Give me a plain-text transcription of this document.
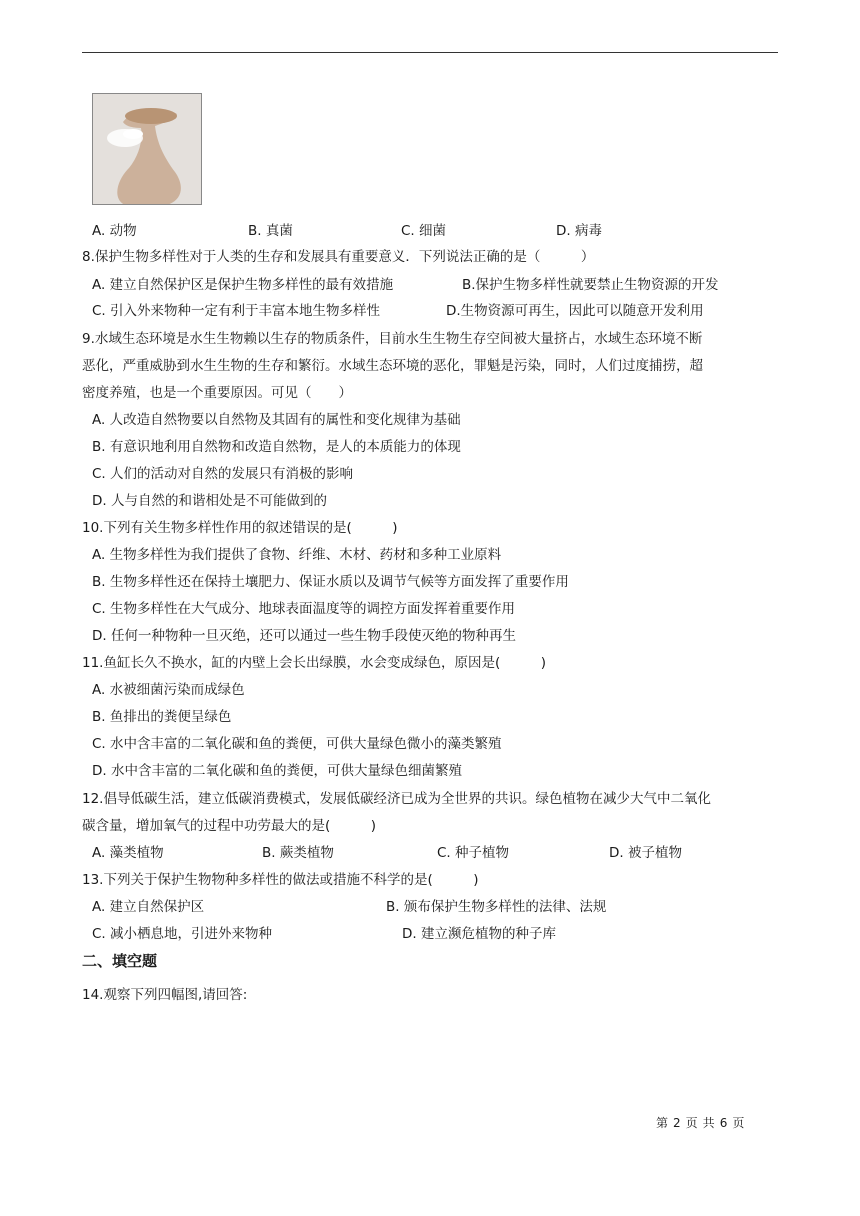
A. 动物	B. 真菌	C. 细菌	D. 病毒
8.保护生物多样性对于人类的生存和发展具有重要意义．下列说法正确的是（　　　）
A. 建立自然保护区是保护生物多样性的最有效措施	B.保护生物多样性就要禁止生物资源的开发
C. 引入外来物种一定有利于丰富本地生物多样性	D.生物资源可再生，因此可以随意开发利用
9.水域生态环境是水生生物赖以生存的物质条件，目前水生生物生存空间被大量挤占，水域生态环境不断
恶化，严重威胁到水生生物的生存和繁衍。水域生态环境的恶化，罪魁是污染，同时，人们过度捕捞，超
密度养殖，也是一个重要原因。可见（　　）
A. 人改造自然物要以自然物及其固有的属性和变化规律为基础
B. 有意识地利用自然物和改造自然物，是人的本质能力的体现
C. 人们的活动对自然的发展只有消极的影响
D. 人与自然的和谐相处是不可能做到的
10.下列有关生物多样性作用的叙述错误的是(　　　)
A. 生物多样性为我们提供了食物、纤维、木材、药材和多种工业原料
B. 生物多样性还在保持土壤肥力、保证水质以及调节气候等方面发挥了重要作用
C. 生物多样性在大气成分、地球表面温度等的调控方面发挥着重要作用
D. 任何一种物种一旦灭绝，还可以通过一些生物手段使灭绝的物种再生
11.鱼缸长久不换水，缸的内壁上会长出绿膜，水会变成绿色，原因是(　　　)
A. 水被细菌污染而成绿色
B. 鱼排出的粪便呈绿色
C. 水中含丰富的二氧化碳和鱼的粪便，可供大量绿色微小的藻类繁殖
D. 水中含丰富的二氧化碳和鱼的粪便，可供大量绿色细菌繁殖
12.倡导低碳生活，建立低碳消费模式，发展低碳经济已成为全世界的共识。绿色植物在减少大气中二氧化
碳含量，增加氧气的过程中功劳最大的是(　　　)
A. 藻类植物	B. 蕨类植物	C. 种子植物	D. 被子植物
13.下列关于保护生物物种多样性的做法或措施不科学的是(　　　)
A. 建立自然保护区	B. 颁布保护生物多样性的法律、法规
C. 减小栖息地，引进外来物种	D. 建立濒危植物的种子库
二、填空题
14.观察下列四幅图,请回答:
第 2 页 共 6 页
